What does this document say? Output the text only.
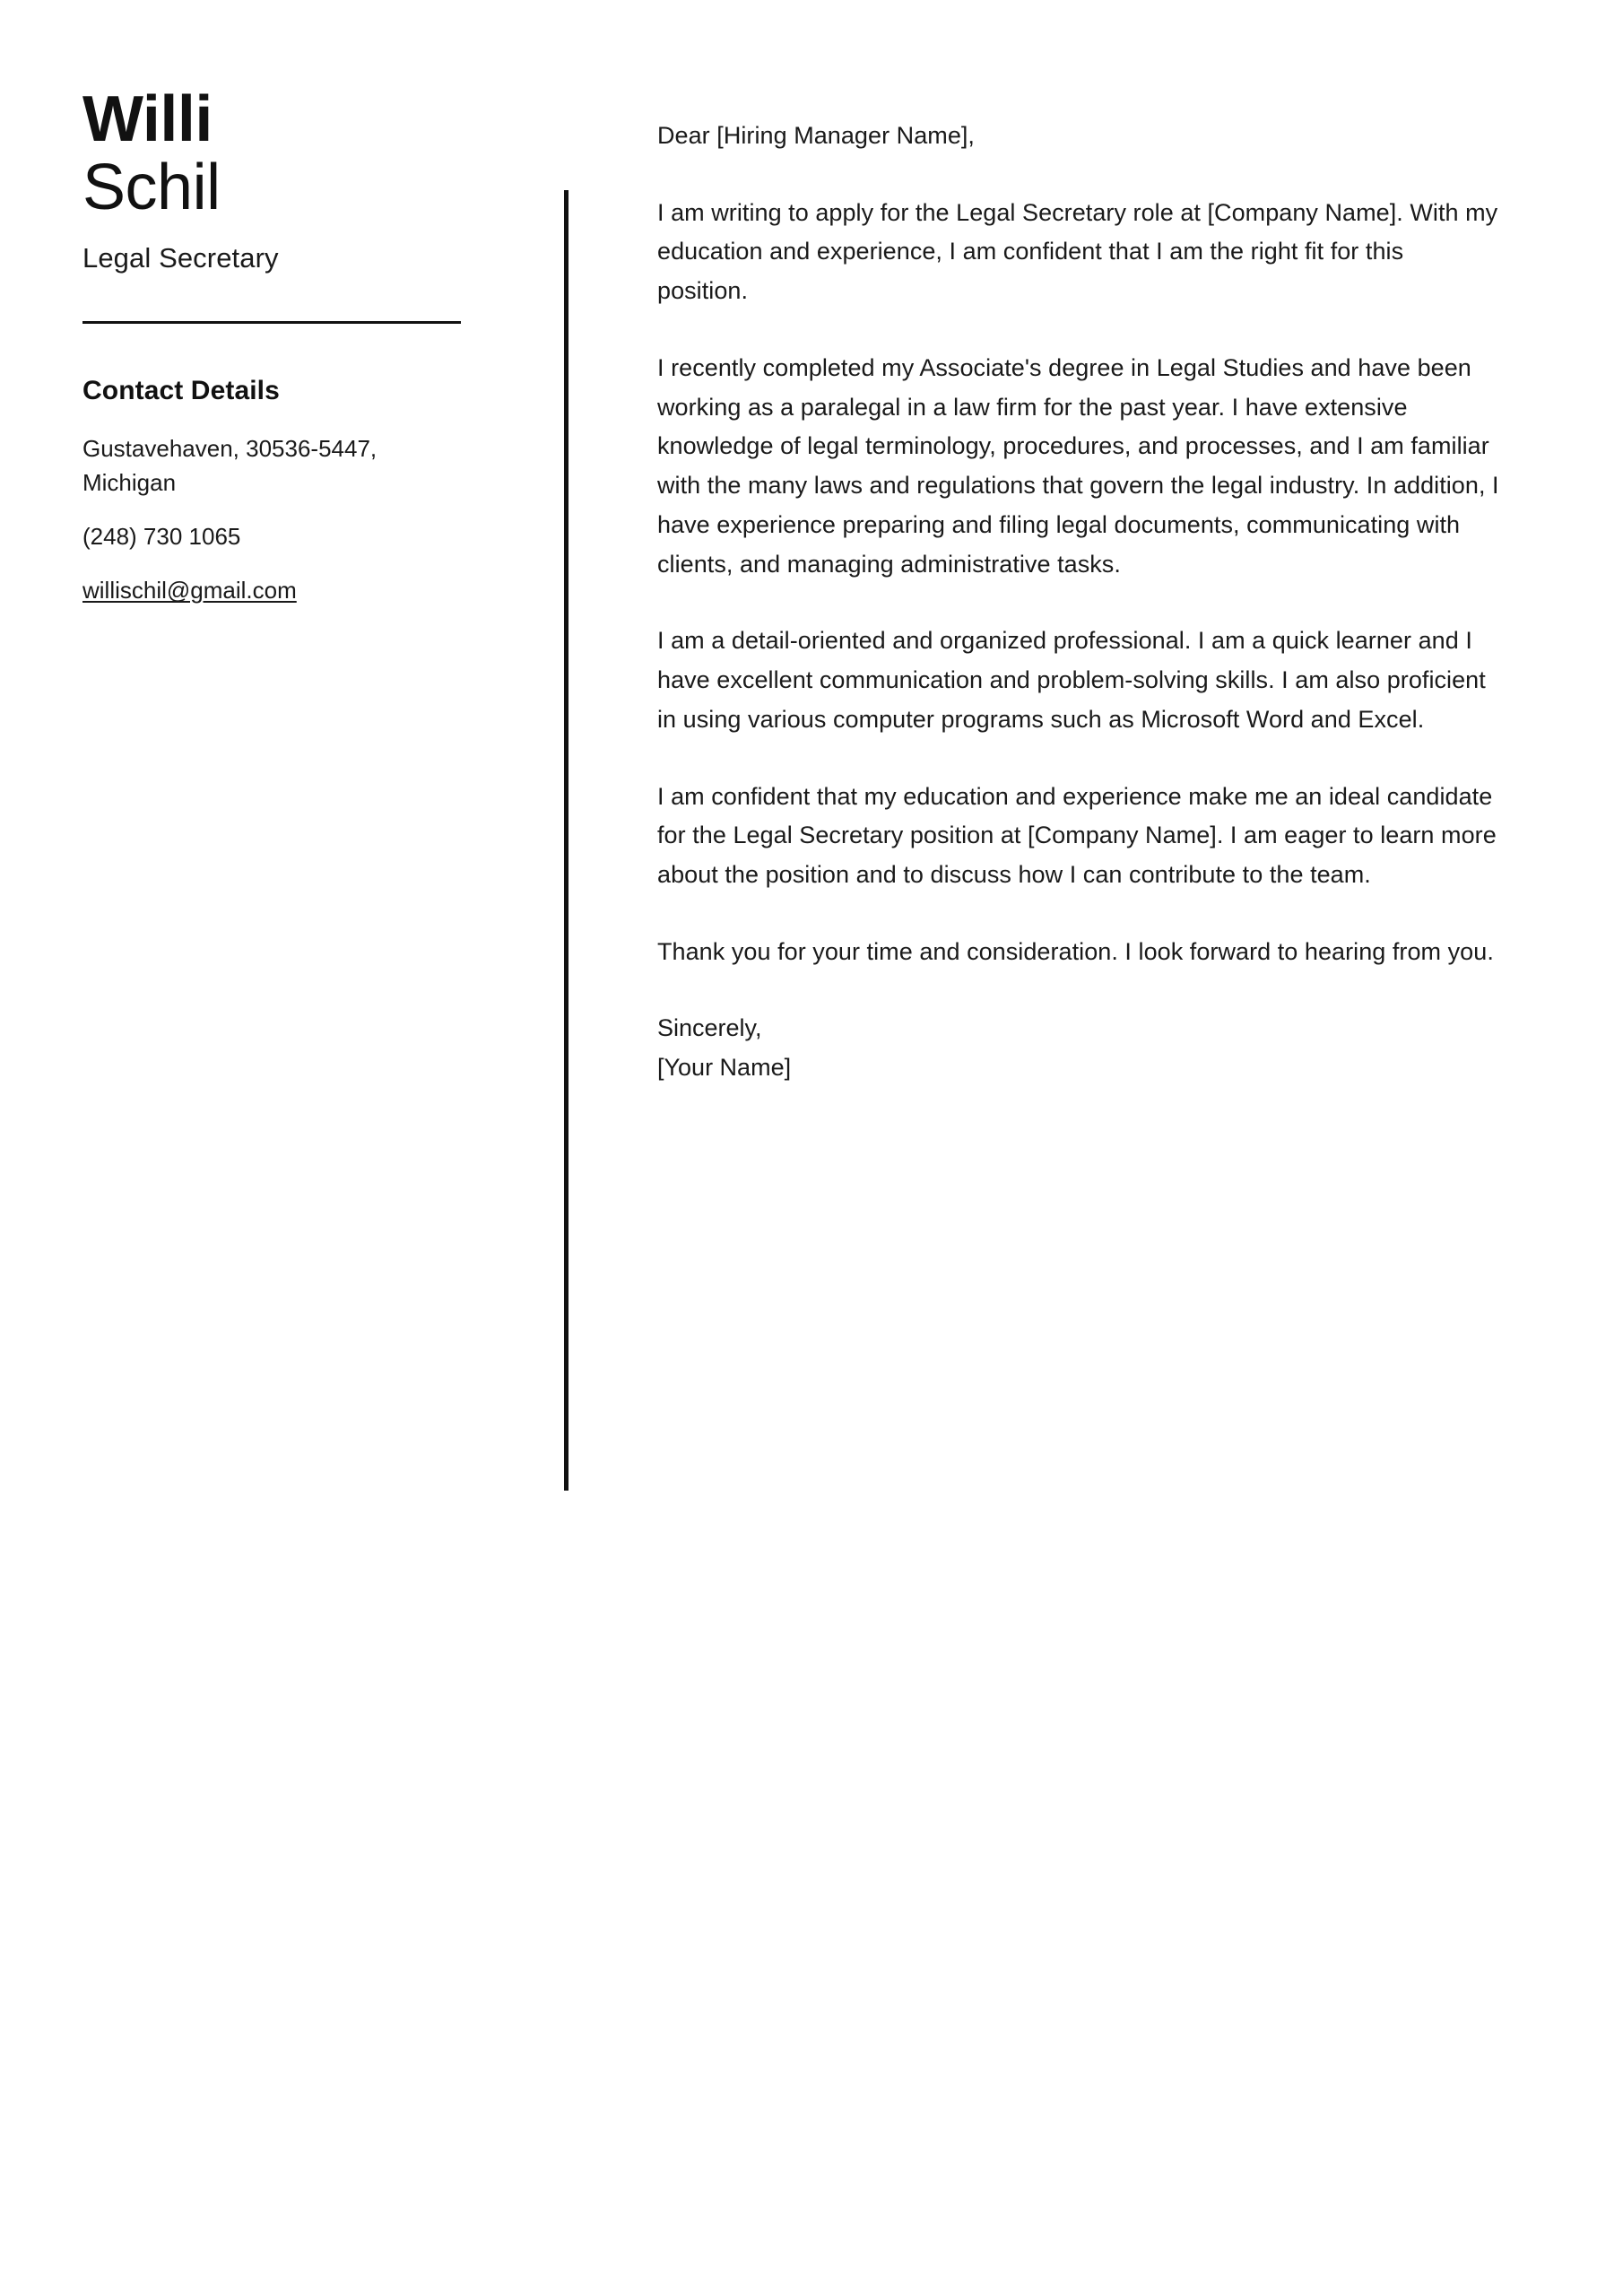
Willi
Schil
Legal Secretary
Contact Details
Gustavehaven, 30536-5447,
Michigan
(248) 730 1065
willischil@gmail.com

Dear [Hiring Manager Name],

I am writing to apply for the Legal Secretary role at [Company Name]. With my education and experience, I am confident that I am the right fit for this position.

I recently completed my Associate's degree in Legal Studies and have been working as a paralegal in a law firm for the past year. I have extensive knowledge of legal terminology, procedures, and processes, and I am familiar with the many laws and regulations that govern the legal industry. In addition, I have experience preparing and filing legal documents, communicating with clients, and managing administrative tasks.

I am a detail-oriented and organized professional. I am a quick learner and I have excellent communication and problem-solving skills. I am also proficient in using various computer programs such as Microsoft Word and Excel.

I am confident that my education and experience make me an ideal candidate for the Legal Secretary position at [Company Name]. I am eager to learn more about the position and to discuss how I can contribute to the team.

Thank you for your time and consideration. I look forward to hearing from you.

Sincerely,
[Your Name]
